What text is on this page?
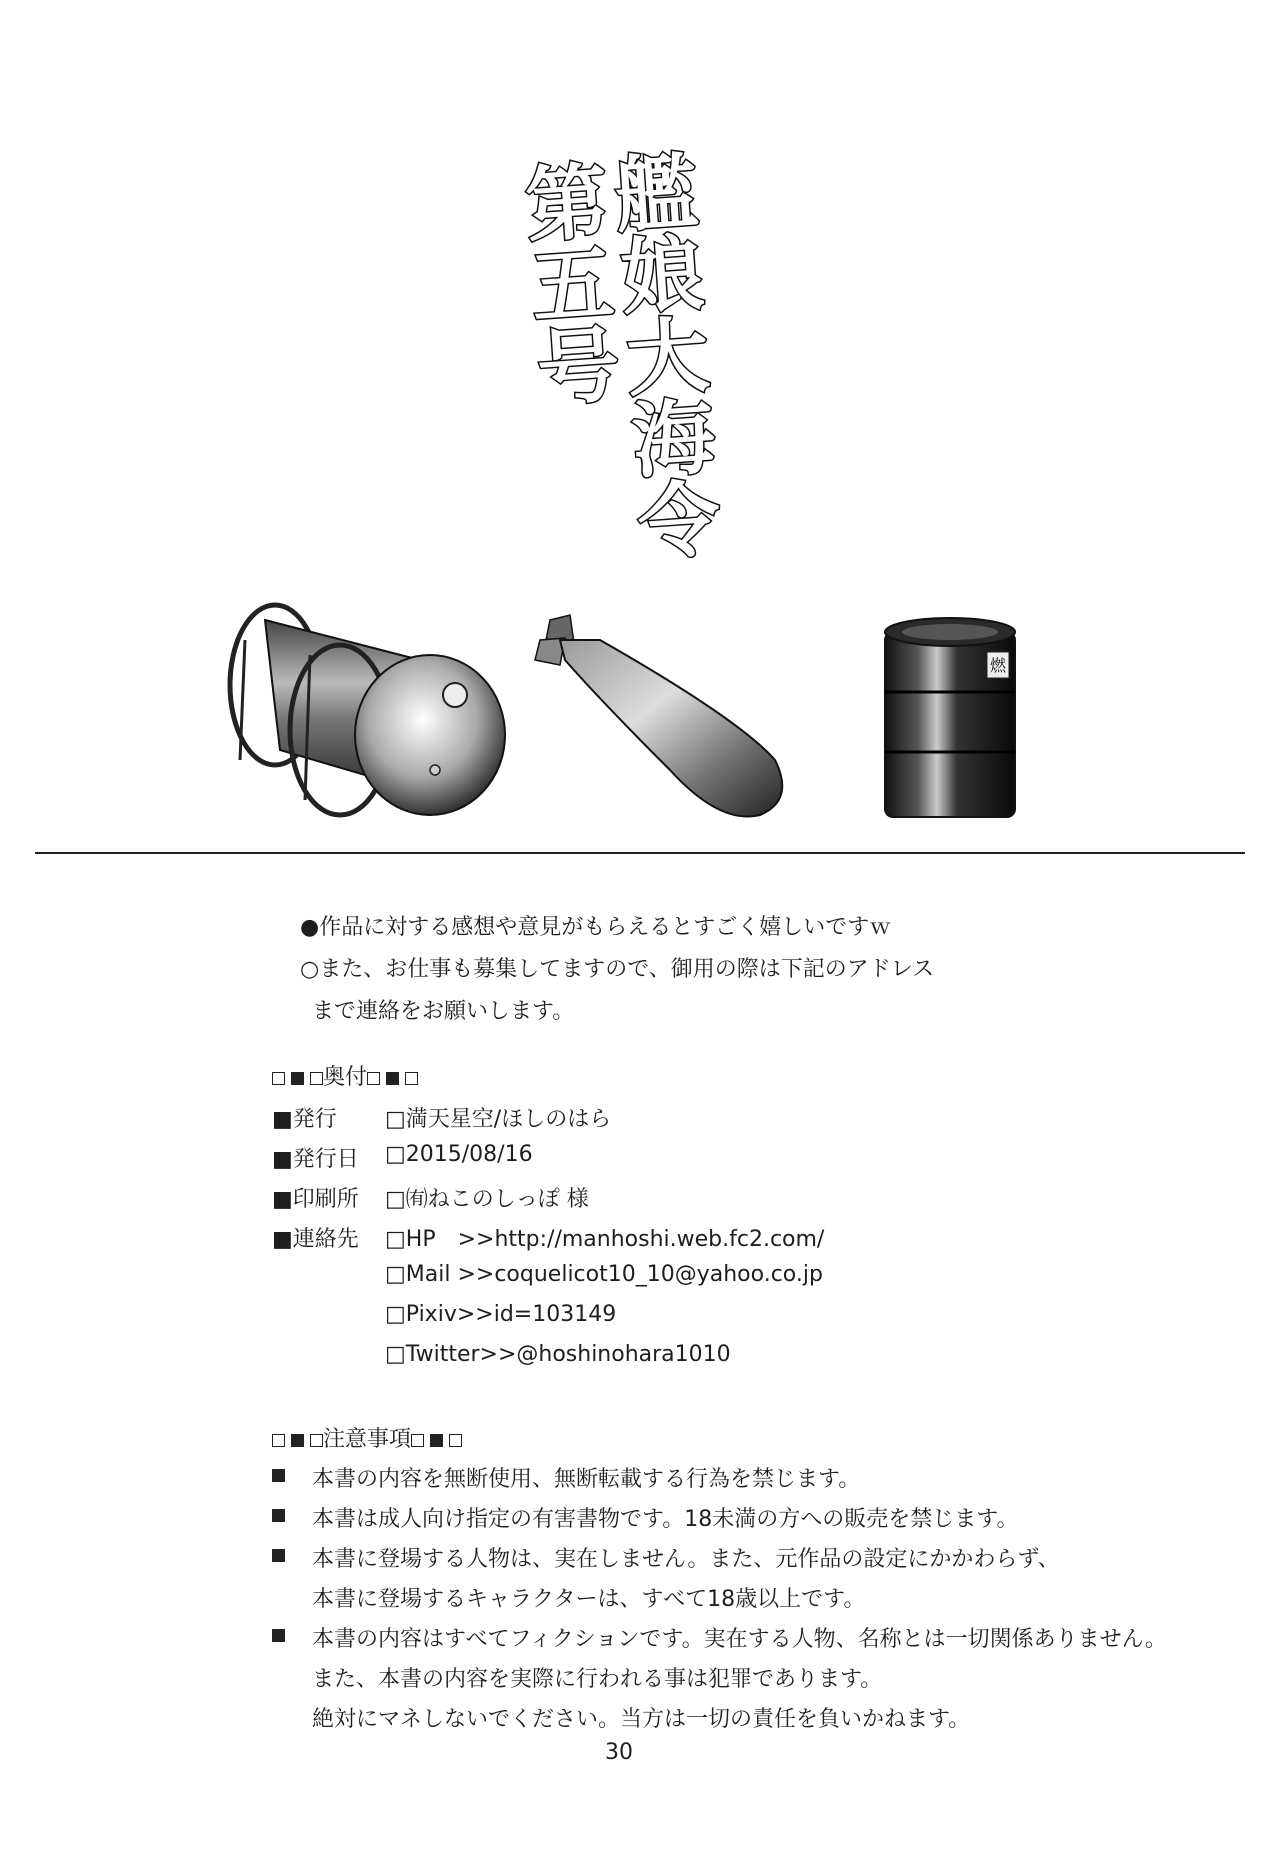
艦娘大海令
第五号
燃
●作品に対する感想や意見がもらえるとすごく嬉しいですｗ
○また、お仕事も募集してますので、御用の際は下記のアドレス
まで連絡をお願いします。
奥付
■発行 □満天星空/ほしのはら
■発行日 □2015/08/16
■印刷所 □㈲ねこのしっぽ 様
■連絡先 □HP　>>http://manhoshi.web.fc2.com/
□Mail >>coquelicot10_10@yahoo.co.jp
□Pixiv>>id=103149
□Twitter>>@hoshinohara1010
注意事項
本書の内容を無断使用、無断転載する行為を禁じます。
本書は成人向け指定の有害書物です。18未満の方への販売を禁じます。
本書に登場する人物は、実在しません。また、元作品の設定にかかわらず、
本書に登場するキャラクターは、すべて18歳以上です。
本書の内容はすべてフィクションです。実在する人物、名称とは一切関係ありません。
また、本書の内容を実際に行われる事は犯罪であります。
絶対にマネしないでください。当方は一切の責任を負いかねます。
30
